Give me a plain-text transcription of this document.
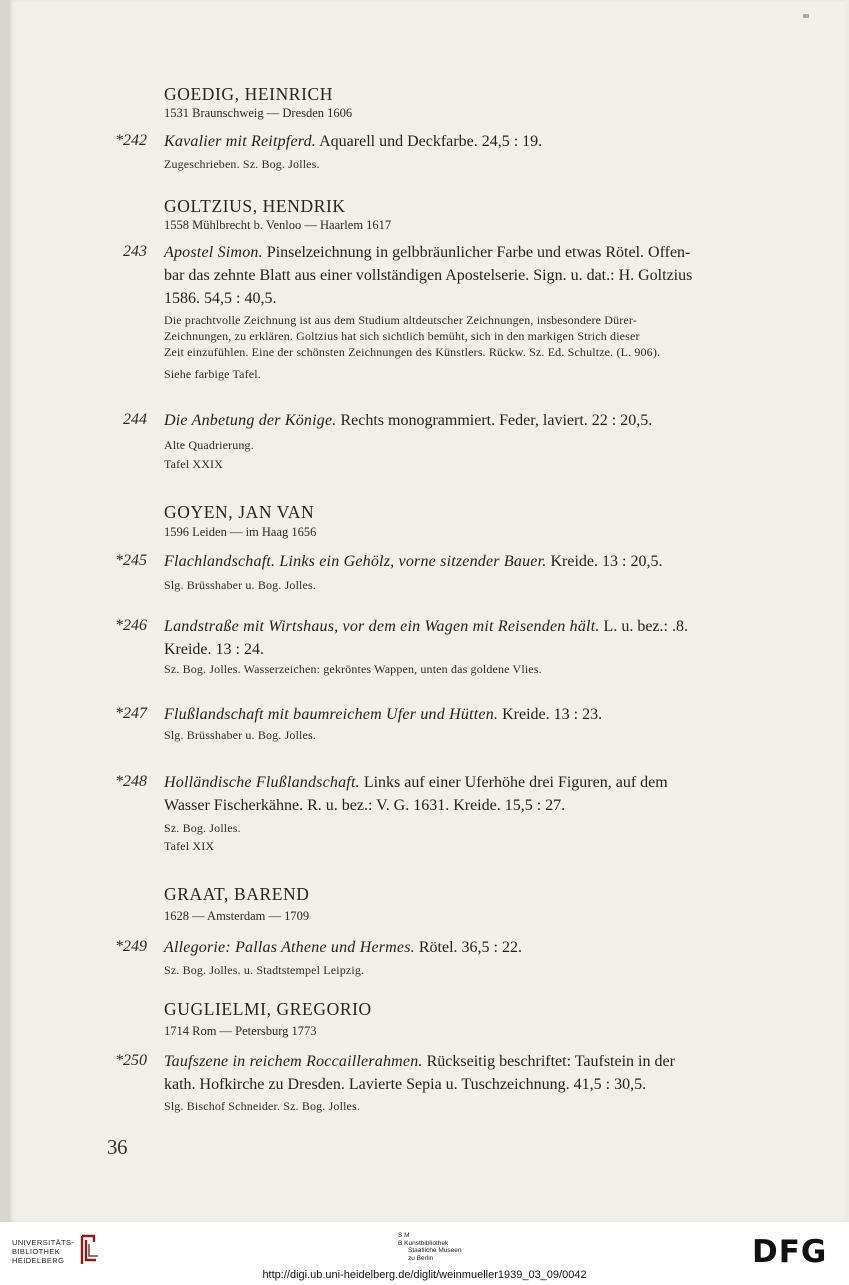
GOEDIG, HEINRICH
1531 Braunschweig — Dresden 1606
*242 Kavalier mit Reitpferd. Aquarell und Deckfarbe. 24,5 : 19.
Zugeschrieben. Sz. Bog. Jolles.
GOLTZIUS, HENDRIK
1558 Mühlbrecht b. Venloo — Haarlem 1617
243 Apostel Simon. Pinselzeichnung in gelbbräunlicher Farbe und etwas Rötel. Offen-
bar das zehnte Blatt aus einer vollständigen Apostelserie. Sign. u. dat.: H. Goltzius
1586. 54,5 : 40,5.
Die prachtvolle Zeichnung ist aus dem Studium altdeutscher Zeichnungen, insbesondere Dürer-
Zeichnungen, zu erklären. Goltzius hat sich sichtlich bemüht, sich in den markigen Strich dieser
Zeit einzufühlen. Eine der schönsten Zeichnungen des Künstlers. Rückw. Sz. Ed. Schultze. (L. 906).
Siehe farbige Tafel.
244 Die Anbetung der Könige. Rechts monogrammiert. Feder, laviert. 22 : 20,5.
Alte Quadrierung.
Tafel XXIX
GOYEN, JAN VAN
1596 Leiden — im Haag 1656
*245 Flachlandschaft. Links ein Gehölz, vorne sitzender Bauer. Kreide. 13 : 20,5.
Slg. Brüsshaber u. Bog. Jolles.
*246 Landstraße mit Wirtshaus, vor dem ein Wagen mit Reisenden hält. L. u. bez.: .8.
Kreide. 13 : 24.
Sz. Bog. Jolles. Wasserzeichen: gekröntes Wappen, unten das goldene Vlies.
*247 Flußlandschaft mit baumreichem Ufer und Hütten. Kreide. 13 : 23.
Slg. Brüsshaber u. Bog. Jolles.
*248 Holländische Flußlandschaft. Links auf einer Uferhöhe drei Figuren, auf dem
Wasser Fischerkähne. R. u. bez.: V. G. 1631. Kreide. 15,5 : 27.
Sz. Bog. Jolles.
Tafel XIX
GRAAT, BAREND
1628 — Amsterdam — 1709
*249 Allegorie: Pallas Athene und Hermes. Rötel. 36,5 : 22.
Sz. Bog. Jolles. u. Stadtstempel Leipzig.
GUGLIELMI, GREGORIO
1714 Rom — Petersburg 1773
*250 Taufszene in reichem Roccaillerahmen. Rückseitig beschriftet: Taufstein in der
kath. Hofkirche zu Dresden. Lavierte Sepia u. Tuschzeichnung. 41,5 : 30,5.
Slg. Bischof Schneider. Sz. Bog. Jolles.
36
UNIVERSITÄTS-
BIBLIOTHEK
HEIDELBERG
S M
B Kunstbibliothek
Staatliche Museen
zu Berlin	DFG
http://digi.ub.uni-heidelberg.de/diglit/weinmueller1939_03_09/0042
